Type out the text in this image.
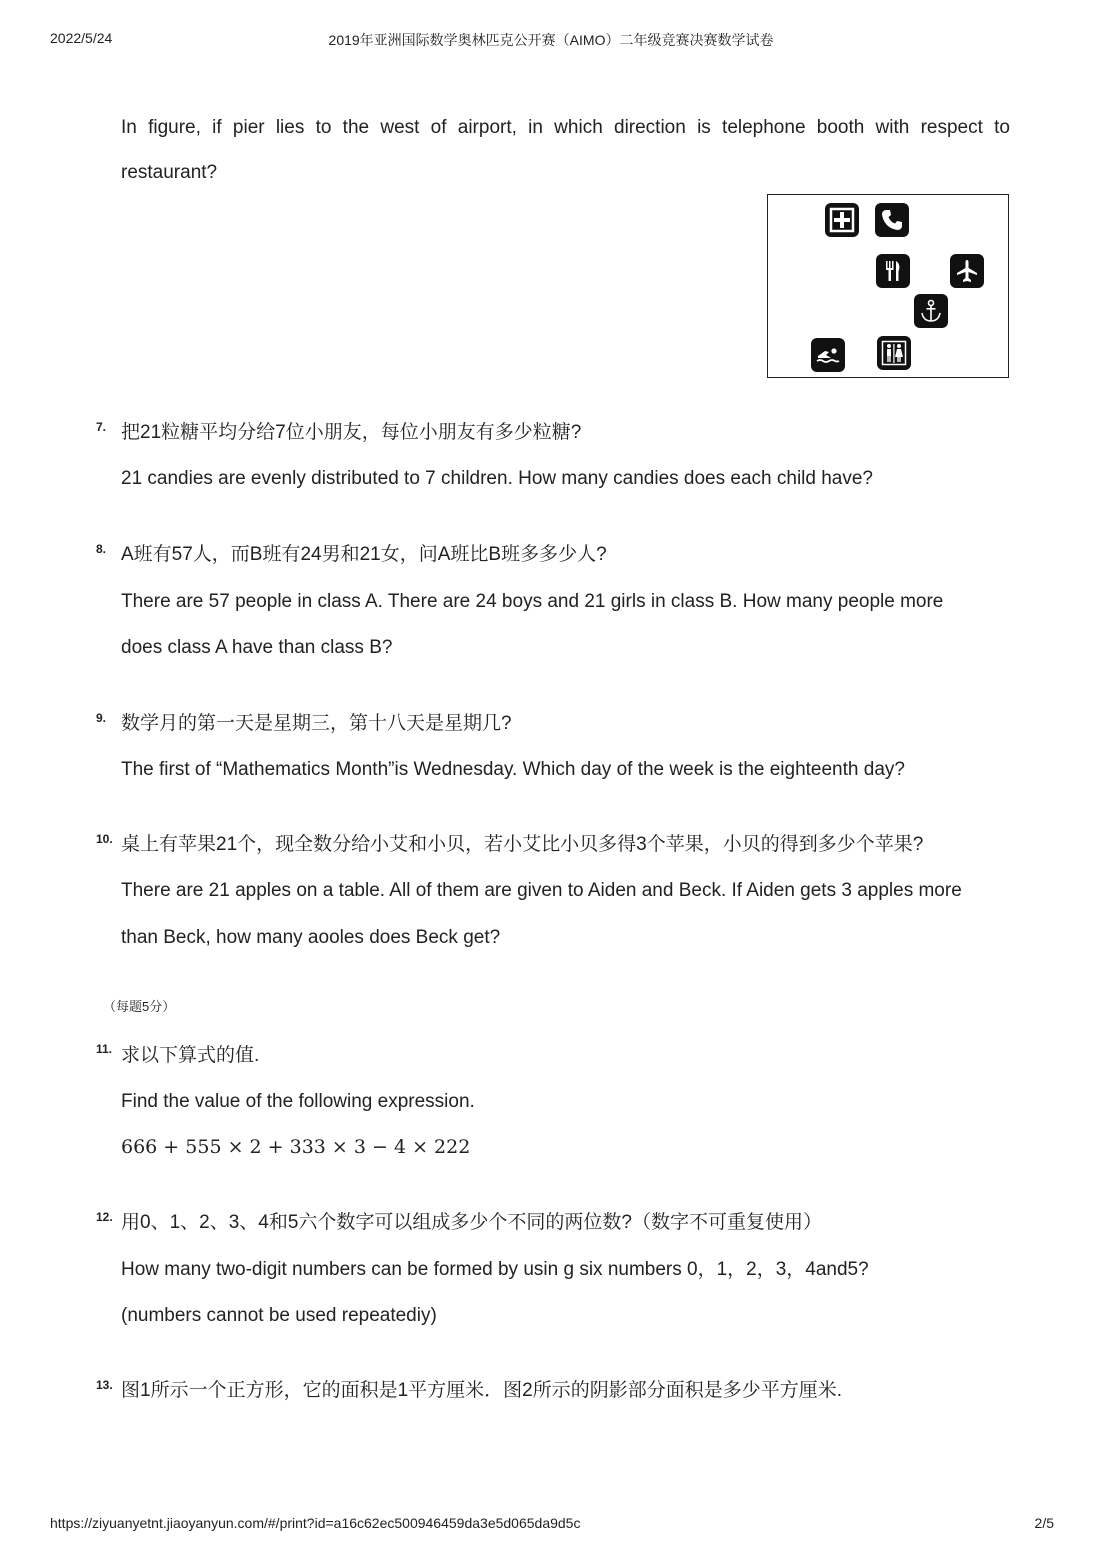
2022/5/24	2019年亚洲国际数学奥林匹克公开赛（AIMO）二年级竞赛决赛数学试卷
In figure, if pier lies to the west of airport, in which direction is telephone booth with respect to
restaurant?
7. 把21粒糖平均分给7位小朋友，每位小朋友有多少粒糖?
21 candies are evenly distributed to 7 children. How many candies does each child have?
8. A班有57人，而B班有24男和21女，问A班比B班多多少人?
There are 57 people in class A. There are 24 boys and 21 girls in class B. How many people more
does class A have than class B?
9. 数学月的第一天是星期三，第十八天是星期几?
The first of “Mathematics Month”is Wednesday. Which day of the week is the eighteenth day?
10. 桌上有苹果21个，现全数分给小艾和小贝，若小艾比小贝多得3个苹果，小贝的得到多少个苹果?
There are 21 apples on a table. All of them are given to Aiden and Beck. If Aiden gets 3 apples more
than Beck, how many aooles does Beck get?
（每题5分）
11. 求以下算式的值.
Find the value of the following expression.
666 + 555 × 2 + 333 × 3 − 4 × 222
12. 用0、1、2、3、4和5六个数字可以组成多少个不同的两位数?（数字不可重复使用）
How many two-digit numbers can be formed by usin g six numbers 0，1，2，3，4and5?
(numbers cannot be used repeatediy)
13. 图1所示一个正方形，它的面积是1平方厘米．图2所示的阴影部分面积是多少平方厘米.
https://ziyuanyetnt.jiaoyanyun.com/#/print?id=a16c62ec500946459da3e5d065da9d5c	2/5
